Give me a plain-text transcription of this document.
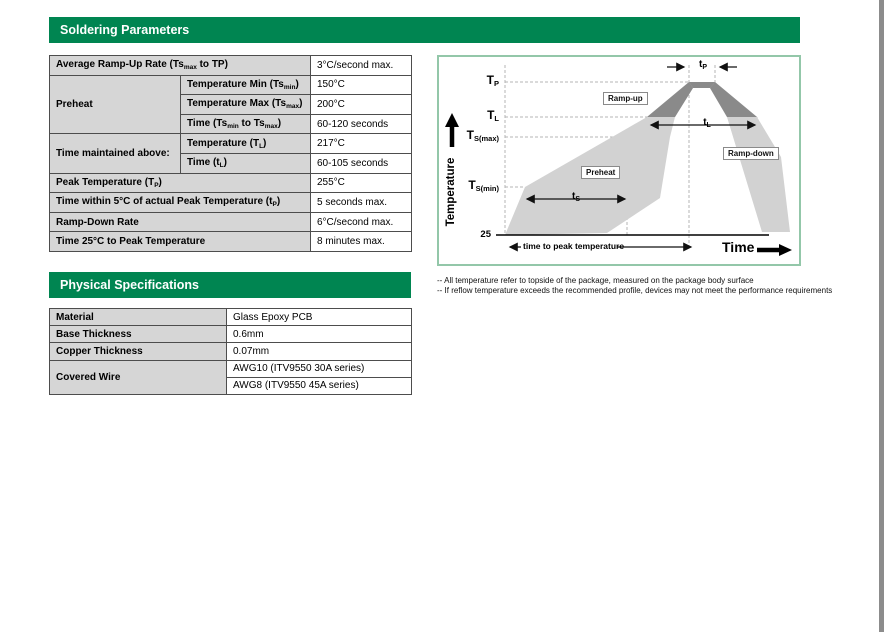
Soldering Parameters
Average Ramp-Up Rate ($Ts_{max}$ to TP)		3°C/second max.
Preheat	Temperature Min $(Ts_{min})$	150°C
	Temperature Max $(Ts_{max})$	200°C
	Time ($Ts_{min}$ to $Ts_{max}$)	60-120 seconds
Time maintained above:	Temperature $(T_L)$	217°C
	Time $(t_L)$	60-105 seconds
Peak Temperature $(T_P)$		255°C
Time within 5°C of actual Peak Temperature $(t_P)$		5 seconds max.
Ramp-Down Rate		6°C/second max.
Time 25°C to Peak Temperature		8 minutes max.
TP
TL
TS(max)
TS(min)
25
Temperature
Time
$t_P$
$t_L$
$t_S$
Ramp-up
Preheat
Ramp-down
time to peak temperature
-- All temperature refer to topside of the package, measured on the package body surface
-- If reflow temperature exceeds the recommended profile, devices may not meet the performance requirements
Physical Specifications
Material	Glass Epoxy PCB
Base Thickness	0.6mm
Copper Thickness	0.07mm
Covered Wire	AWG10 (ITV9550 30A series)
	AWG8 (ITV9550 45A series)
